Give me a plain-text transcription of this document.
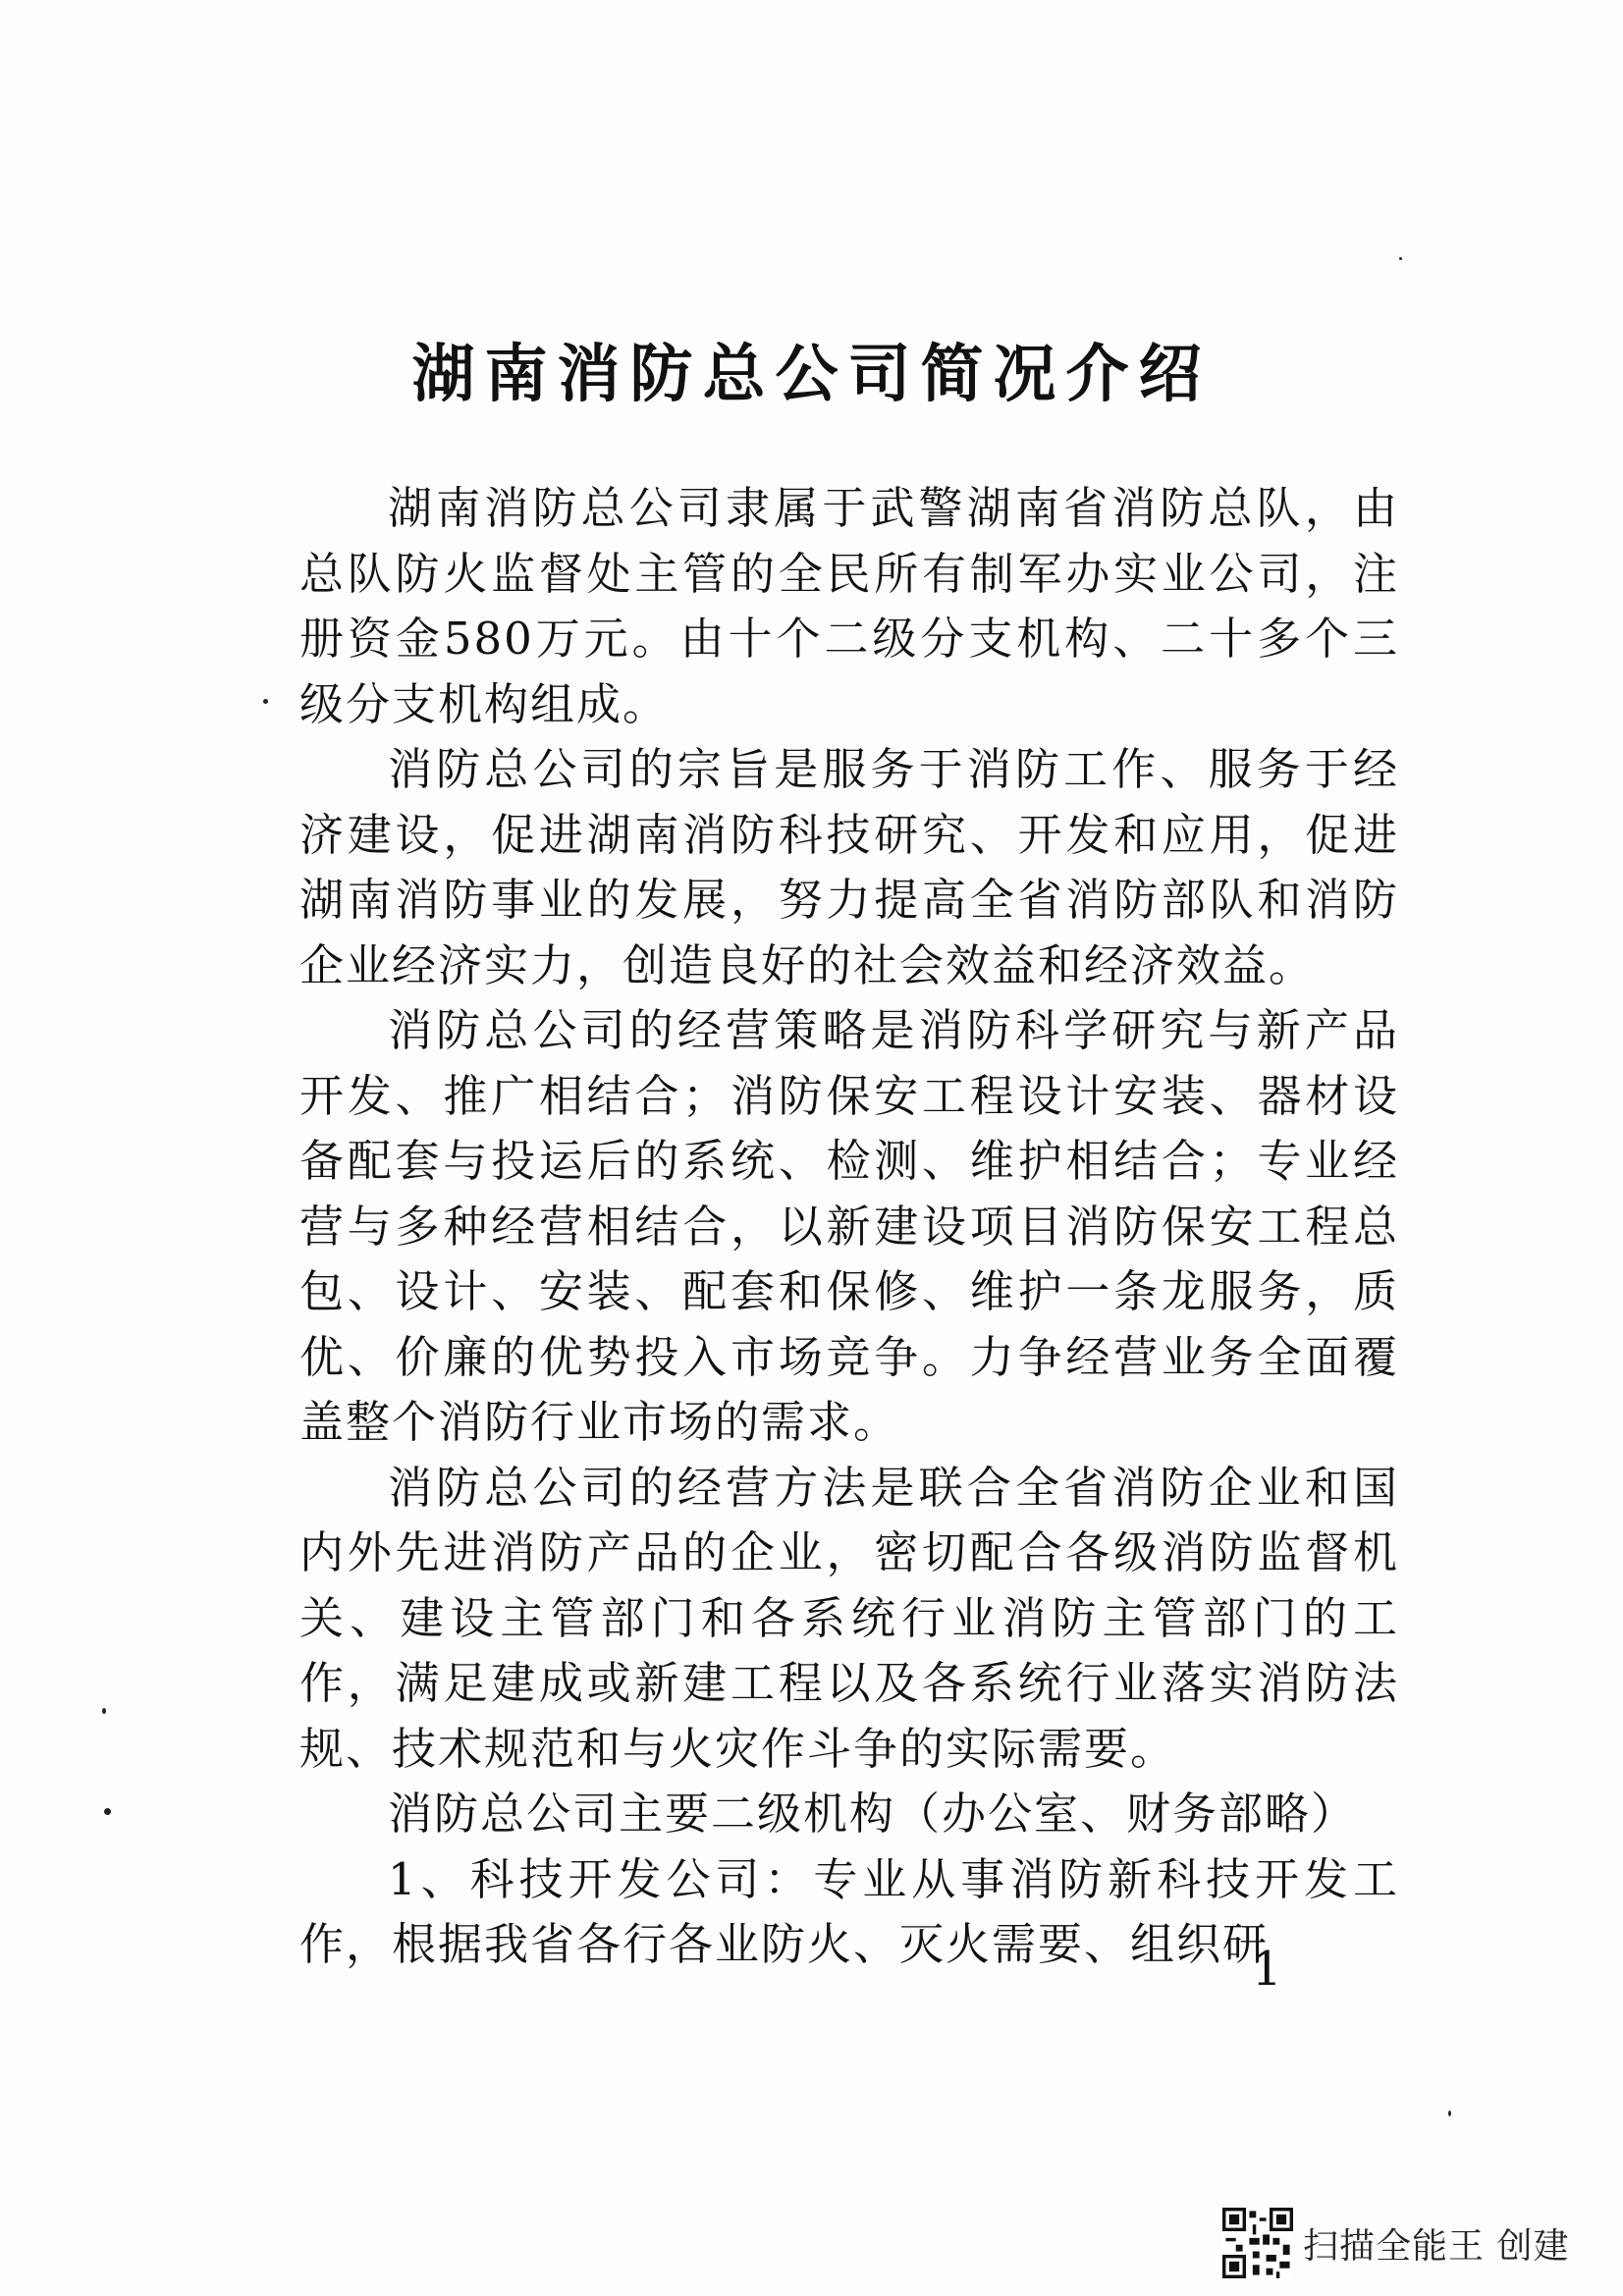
湖南消防总公司简况介绍

湖南消防总公司隶属于武警湖南省消防总队，由总队防火监督处主管的全民所有制军办实业公司，注册资金580万元。由十个二级分支机构、二十多个三级分支机构组成。

消防总公司的宗旨是服务于消防工作、服务于经济建设，促进湖南消防科技研究、开发和应用，促进湖南消防事业的发展，努力提高全省消防部队和消防企业经济实力，创造良好的社会效益和经济效益。

消防总公司的经营策略是消防科学研究与新产品开发、推广相结合；消防保安工程设计安装、器材设备配套与投运后的系统、检测、维护相结合；专业经营与多种经营相结合，以新建设项目消防保安工程总包、设计、安装、配套和保修、维护一条龙服务，质优、价廉的优势投入市场竞争。力争经营业务全面覆盖整个消防行业市场的需求。

消防总公司的经营方法是联合全省消防企业和国内外先进消防产品的企业，密切配合各级消防监督机关、建设主管部门和各系统行业消防主管部门的工作，满足建成或新建工程以及各系统行业落实消防法规、技术规范和与火灾作斗争的实际需要。

消防总公司主要二级机构（办公室、财务部略）

1、科技开发公司：专业从事消防新科技开发工作，根据我省各行各业防火、灭火需要、组织研

1
扫描全能王 创建
